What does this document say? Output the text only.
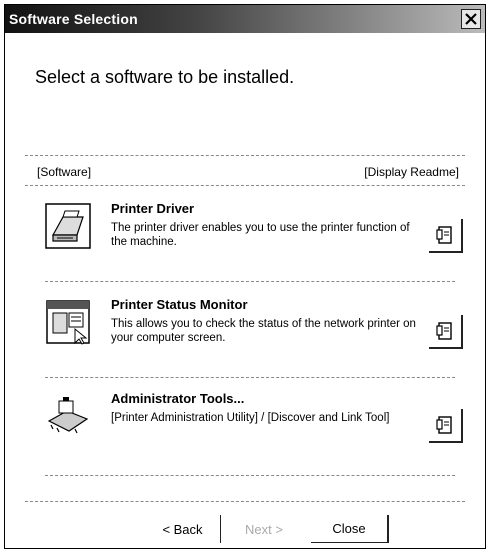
Software Selection
Select a software to be installed.
[Software]	[Display Readme]
Printer Driver
The printer driver enables you to use the printer function of the machine.
Printer Status Monitor
This allows you to check the status of the network printer on your computer screen.
Administrator Tools...
[Printer Administration Utility] / [Discover and Link Tool]
< Back	Next >	Close
